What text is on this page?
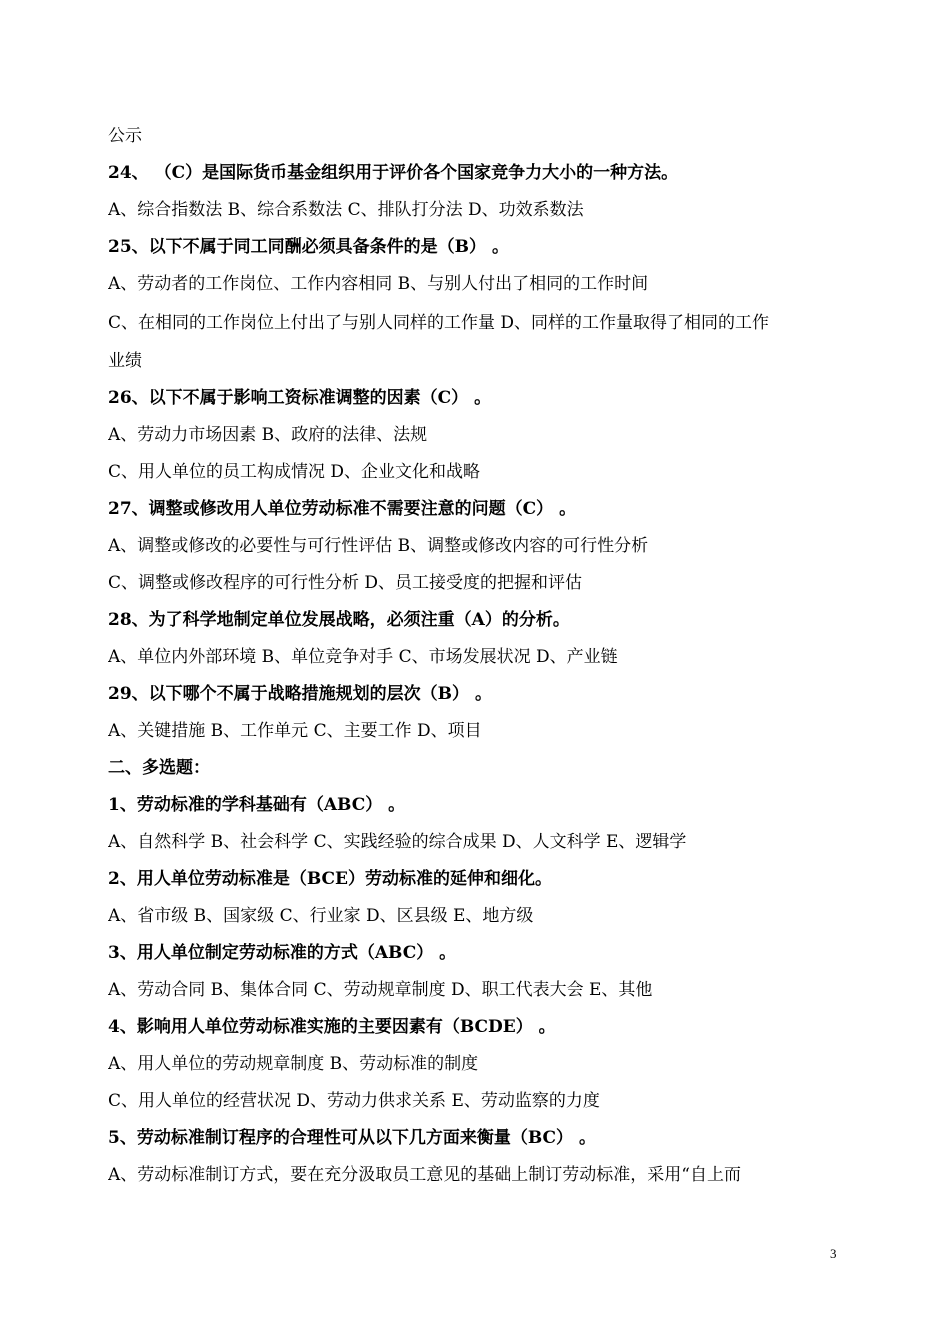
公示
24、 （C）是国际货币基金组织用于评价各个国家竞争力大小的一种方法。
A、综合指数法 B、综合系数法 C、排队打分法 D、功效系数法
25、以下不属于同工同酬必须具备条件的是（B） 。
A、劳动者的工作岗位、工作内容相同 B、与别人付出了相同的工作时间
C、在相同的工作岗位上付出了与别人同样的工作量 D、同样的工作量取得了相同的工作
业绩
26、以下不属于影响工资标准调整的因素（C） 。
A、劳动力市场因素 B、政府的法律、法规
C、用人单位的员工构成情况 D、企业文化和战略
27、调整或修改用人单位劳动标准不需要注意的问题（C） 。
A、调整或修改的必要性与可行性评估 B、调整或修改内容的可行性分析
C、调整或修改程序的可行性分析 D、员工接受度的把握和评估
28、为了科学地制定单位发展战略，必须注重（A）的分析。
A、单位内外部环境 B、单位竞争对手 C、市场发展状况 D、产业链
29、以下哪个不属于战略措施规划的层次（B） 。
A、关键措施 B、工作单元 C、主要工作 D、项目
二、多选题：
1、劳动标准的学科基础有（ABC） 。
A、自然科学 B、社会科学 C、实践经验的综合成果 D、人文科学 E、逻辑学
2、用人单位劳动标准是（BCE）劳动标准的延伸和细化。
A、省市级 B、国家级 C、行业家 D、区县级 E、地方级
3、用人单位制定劳动标准的方式（ABC） 。
A、劳动合同 B、集体合同 C、劳动规章制度 D、职工代表大会 E、其他
4、影响用人单位劳动标准实施的主要因素有（BCDE） 。
A、用人单位的劳动规章制度 B、劳动标准的制度
C、用人单位的经营状况 D、劳动力供求关系 E、劳动监察的力度
5、劳动标准制订程序的合理性可从以下几方面来衡量（BC） 。
A、劳动标准制订方式，要在充分汲取员工意见的基础上制订劳动标准，采用“自上而
3
